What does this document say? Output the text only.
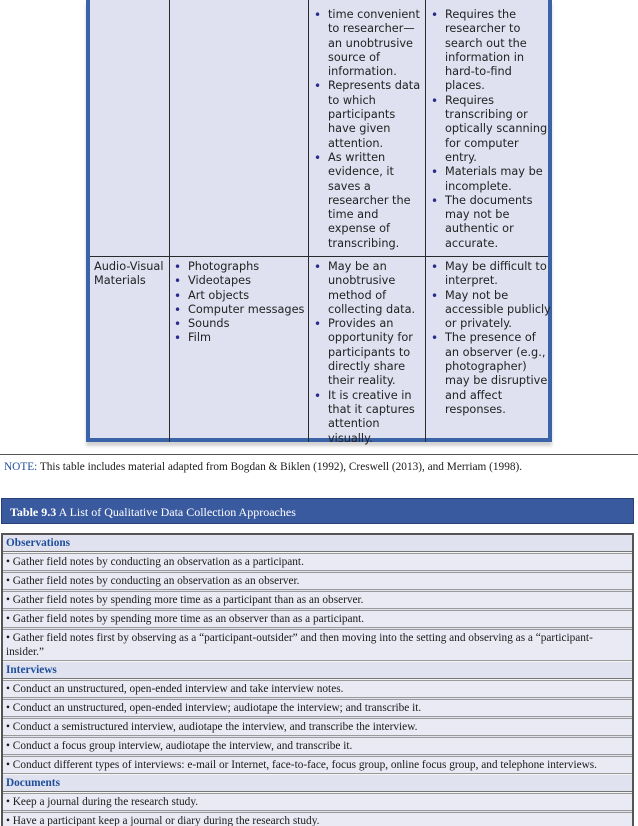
• time convenient to researcher— an unobtrusive source of information.
• Represents data to which participants have given attention.
• As written evidence, it saves a researcher the time and expense of transcribing.
• Requires the researcher to search out the information in hard-to-find places.
• Requires transcribing or optically scanning for computer entry.
• Materials may be incomplete.
• The documents may not be authentic or accurate.
Audio-Visual Materials
• Photographs
• Videotapes
• Art objects
• Computer messages
• Sounds
• Film
• May be an unobtrusive method of collecting data.
• Provides an opportunity for participants to directly share their reality.
• It is creative in that it captures attention visually.
• May be difficult to interpret.
• May not be accessible publicly or privately.
• The presence of an observer (e.g., photographer) may be disruptive and affect responses.
NOTE: This table includes material adapted from Bogdan & Biklen (1992), Creswell (2013), and Merriam (1998).
Table 9.3 A List of Qualitative Data Collection Approaches
Observations
• Gather field notes by conducting an observation as a participant.
• Gather field notes by conducting an observation as an observer.
• Gather field notes by spending more time as a participant than as an observer.
• Gather field notes by spending more time as an observer than as a participant.
• Gather field notes first by observing as a “participant-outsider” and then moving into the setting and observing as a “participant-insider.”
Interviews
• Conduct an unstructured, open-ended interview and take interview notes.
• Conduct an unstructured, open-ended interview; audiotape the interview; and transcribe it.
• Conduct a semistructured interview, audiotape the interview, and transcribe the interview.
• Conduct a focus group interview, audiotape the interview, and transcribe it.
• Conduct different types of interviews: e-mail or Internet, face-to-face, focus group, online focus group, and telephone interviews.
Documents
• Keep a journal during the research study.
• Have a participant keep a journal or diary during the research study.
